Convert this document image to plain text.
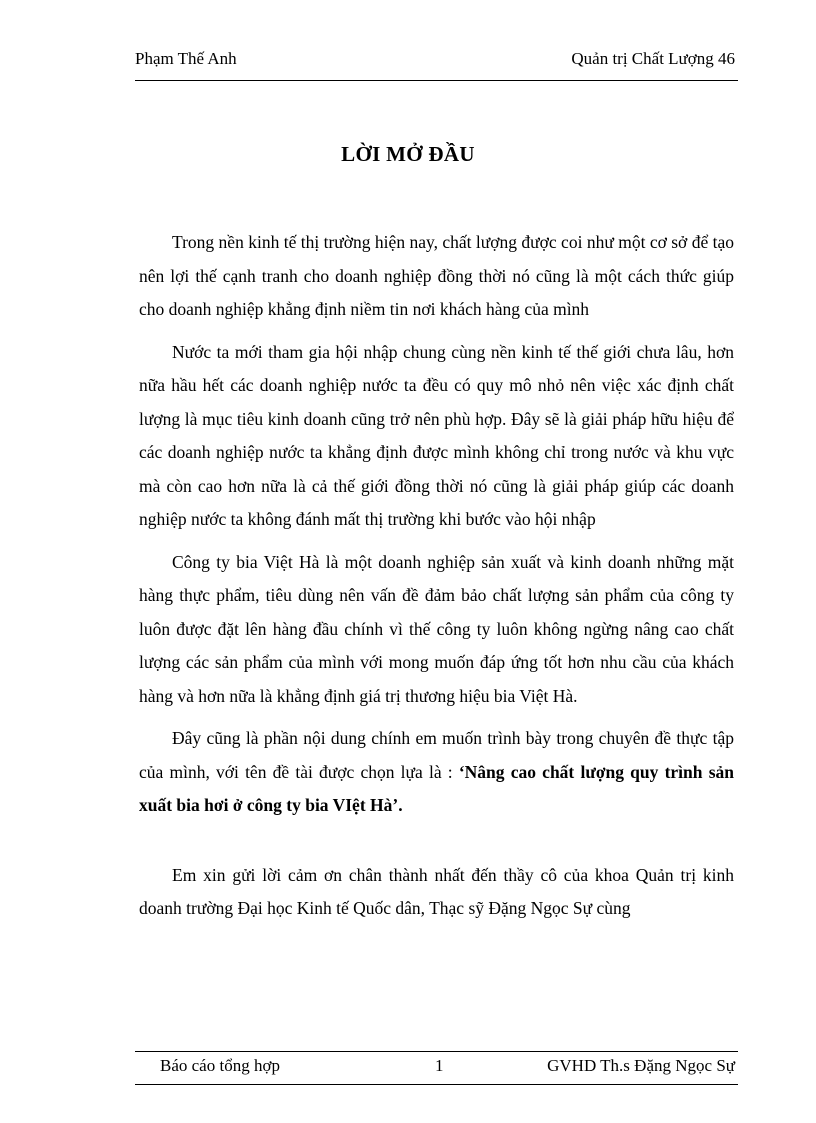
Phạm Thế Anh	Quản trị Chất Lượng 46
LỜI MỞ ĐẦU

Trong nền kinh tế thị trường hiện nay, chất lượng được coi như một cơ sở để tạo nên lợi thế cạnh tranh cho doanh nghiệp đồng thời nó cũng là một cách thức giúp cho doanh nghiệp khẳng định niềm tin nơi khách hàng của mình

Nước ta mới tham gia hội nhập chung cùng nền kinh tế thế giới chưa lâu, hơn nữa hầu hết các doanh nghiệp nước ta đều có quy mô nhỏ nên việc xác định chất lượng là mục tiêu kinh doanh cũng trở nên phù hợp. Đây sẽ là giải pháp hữu hiệu để các doanh nghiệp nước ta khẳng định được mình không chỉ trong nước và khu vực mà còn cao hơn nữa là cả thế giới đồng thời nó cũng là giải pháp giúp các doanh nghiệp nước ta không đánh mất thị trường khi bước vào hội nhập

Công ty bia Việt Hà là một doanh nghiệp sản xuất và kinh doanh những mặt hàng thực phẩm, tiêu dùng nên vấn đề đảm bảo chất lượng sản phẩm của công ty luôn được đặt lên hàng đầu chính vì thế công ty luôn không ngừng nâng cao chất lượng các sản phẩm của mình với mong muốn đáp ứng tốt hơn nhu cầu của khách hàng và hơn nữa là khẳng định giá trị thương hiệu bia Việt Hà.

Đây cũng là phần nội dung chính em muốn trình bày trong chuyên đề thực tập của mình, với tên đề tài được chọn lựa là : ‘Nâng cao chất lượng quy trình sản xuất bia hơi ở công ty bia VIệt Hà’.

Em xin gửi lời cảm ơn chân thành nhất đến thầy cô của khoa Quản trị kinh doanh trường Đại học Kinh tế Quốc dân, Thạc sỹ Đặng Ngọc Sự cùng

Báo cáo tổng hợp	1	GVHD Th.s Đặng Ngọc Sự
